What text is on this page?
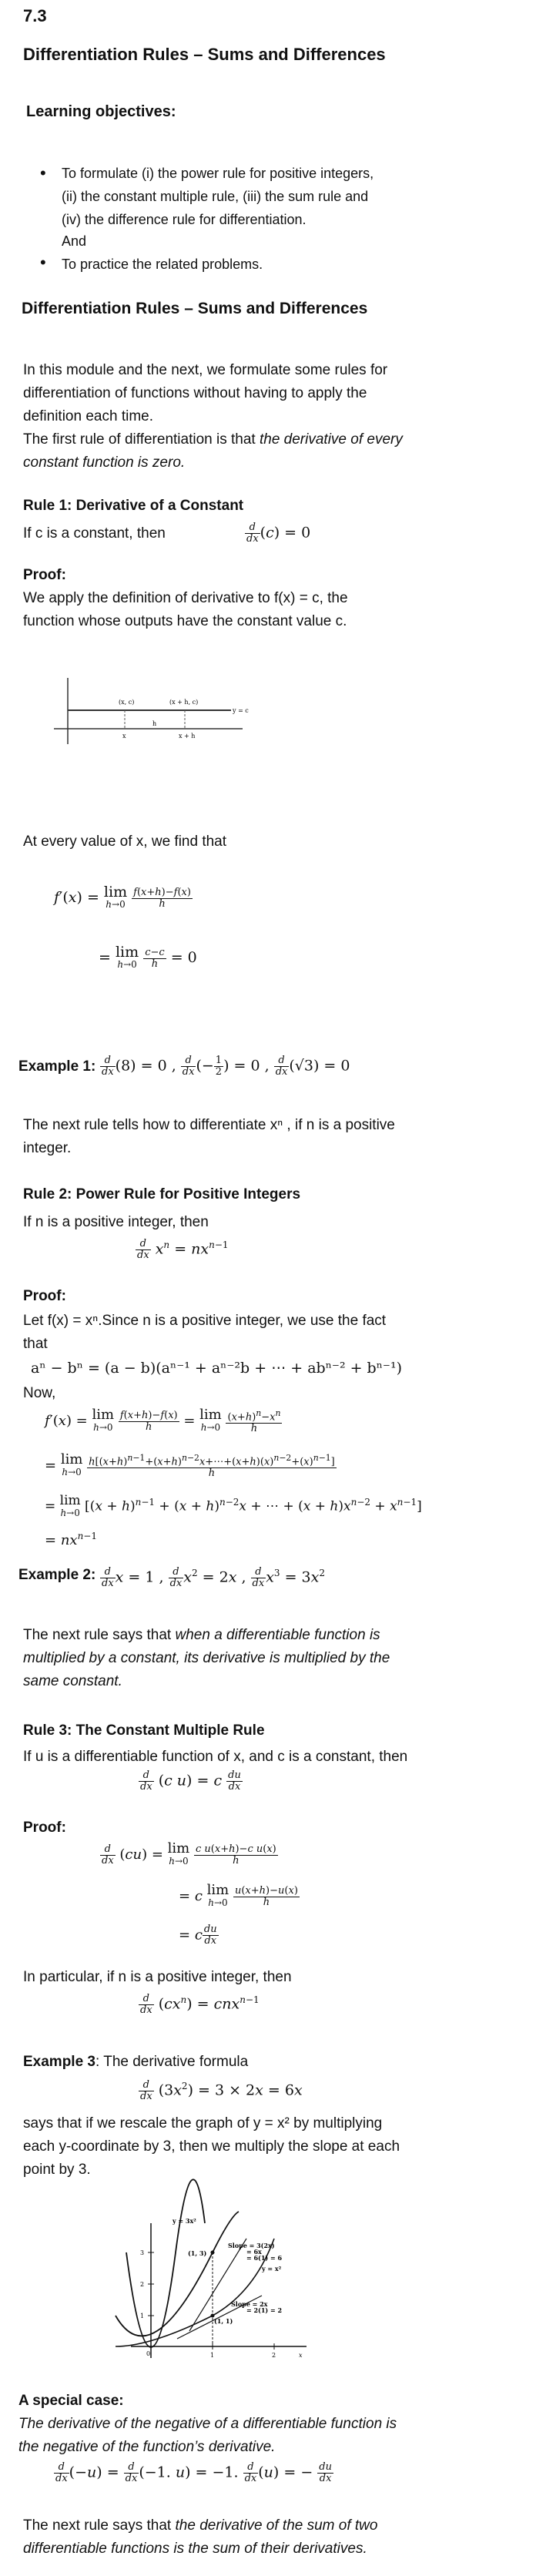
7.3
Differentiation Rules – Sums and Differences
Learning objectives:
• To formulate (i) the power rule for positive integers,
(ii) the constant multiple rule, (iii) the sum rule and
(iv) the difference rule for differentiation.
And
• To practice the related problems.
Differentiation Rules – Sums and Differences
In this module and the next, we formulate some rules for
differentiation of functions without having to apply the
definition each time.
The first rule of differentiation is that the derivative of every
constant function is zero.
Rule 1: Derivative of a Constant
If c is a constant, then	$\frac{d}{dx} (c) = 0$
Proof:
We apply the definition of derivative to f(x) = c, the
function whose outputs have the constant value c.
(x, c)	(x + h, c)
y = c
x	x + h
h
At every value of x, we find that
f′(x) = lim
h→0
$\frac{f(x+h)-f(x)}{h}$
= lim
h→0
$\frac{c-c}{h} = 0$
Example 1: $\frac{d}{dx} (8) = 0$ , $\frac{d}{dx}$ (− $\frac{1}{2}$ ) = 0 , $\frac{d}{dx} (√3) = 0$
The next rule tells how to differentiate xⁿ , if n is a positive
integer.
Rule 2: Power Rule for Positive Integers
If n is a positive integer, then
$\frac{d}{dx} x^n = nx^{n-1}$
Proof:
Let f(x) = xⁿ.Since n is a positive integer, we use the fact
that
aⁿ − bⁿ = (a − b)(aⁿ⁻¹ + aⁿ⁻²b + ⋯ + abⁿ⁻² + bⁿ⁻¹)
Now,
f′(x) = lim
h→0
$\frac{f(x+h)-f(x)}{h} = \lim$
h→0
$\frac{(x+h)^n-x^n}{h}$
= lim
h→0
$\frac{h[(x+h)^{n-1}+(x+h)^{n-2}x+\cdots+(x+h)(x)^{n-2}+(x)^{n-1}]}{h}$
= lim
h→0 [$(x + h)^{n-1} + (x + h)^{n-2}x$ + ⋯ + $(x + h)x^{n-2} + x^{n-1}$]
= $nx^{n-1}$
Example 2: $\frac{d}{dx}$ x = 1 , $\frac{d}{dx} x^2 = 2x$ , $\frac{d}{dx} x^3 = 3x^2$
The next rule says that when a differentiable function is
multiplied by a constant, its derivative is multiplied by the
same constant.
Rule 3: The Constant Multiple Rule
If u is a differentiable function of x, and c is a constant, then
$\frac{d}{dx} (c$ u) = c $\frac{du}{dx}$
Proof:
$\frac{d}{dx} (cu) = \lim$
h→0
$\frac{\text{c u(x+h)−c u(x)}}{h}$
= c lim
h→0
$\frac{u(x+h)-u(x)}{h}$
= c $\frac{du}{dx}$
In particular, if n is a positive integer, then
$\frac{d}{dx} (cx^n) = cnx^{n-1}$
Example 3: The derivative formula
$\frac{d}{dx} (3x^2) = 3 \times 2x = 6x$
says that if we rescale the graph of y = x² by multiplying
each y-coordinate by 3, then we multiply the slope at each
point by 3.
y = 3x²
Slope = 3(2x)
= 6x
= 6(1) = 6
(1, 3)
y = x²
Slope = 2x
= 2(1) = 2
(1, 1)
3
2
1
0	1	2	x
A special case:
The derivative of the negative of a differentiable function is
the negative of the function’s derivative.
$\frac{d}{dx} (-u) = \frac{d}{dx} (-1$. u) = −1. $\frac{d}{dx} (u)$ = − $\frac{du}{dx}$
The next rule says that the derivative of the sum of two
differentiable functions is the sum of their derivatives.
